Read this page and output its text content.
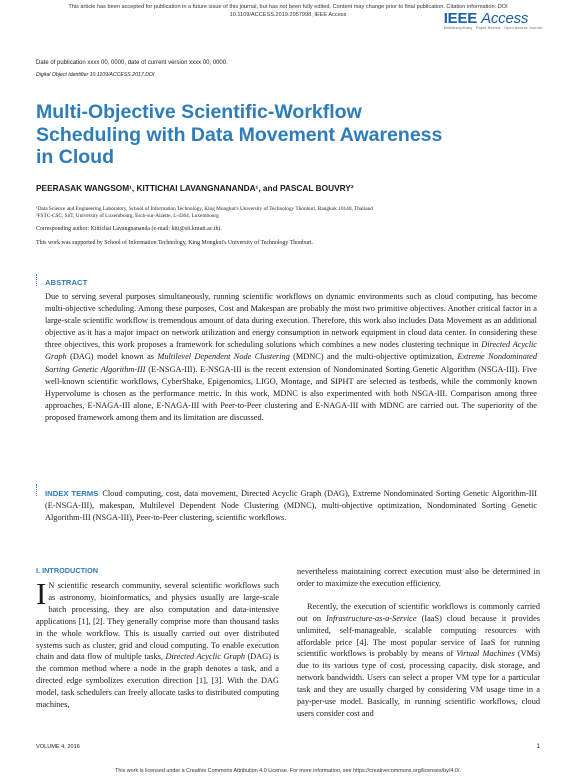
This article has been accepted for publication in a future issue of this journal, but has not been fully edited. Content may change prior to final publication. Citation information: DOI
10.1109/ACCESS.2019.2957998, IEEE Access	IEEE Access
Multidisciplinary : Rapid Review : Open Access Journal
Date of publication xxxx 00, 0000, date of current version xxxx 00, 0000.
Digital Object Identifier 10.1109/ACCESS.2017.DOI
Multi-Objective Scientific-Workflow Scheduling with Data Movement Awareness in Cloud
PEERASAK WANGSOM¹, KITTICHAI LAVANGNANANDA¹, and PASCAL BOUVRY²
¹Data Science and Engineering Laboratory, School of Information Technology, King Mongkut's University of Technology Thonburi, Bangkok 10140, Thailand
²FSTC-CSC, SnT, University of Luxembourg, Esch-sur-Alzette, L-4364, Luxembourg
Corresponding author: Kittichai Lavangnananda (e-mail: kitt@sit.kmutt.ac.th).
This work was supported by School of Information Technology, King Mongkut's University of Technology Thonburi.
ABSTRACT
Due to serving several purposes simultaneously, running scientific workflows on dynamic environments such as cloud computing, has become multi-objective scheduling. Among these purposes, Cost and Makespan are probably the most two primitive objectives. Another critical factor in a large-scale scientific workflow is tremendous amount of data during execution. Therefore, this work also includes Data Movement as an additional objective as it has a major impact on network utilization and energy consumption in network equipment in cloud data center. In considering these three objectives, this work proposes a framework for scheduling solutions which combines a new nodes clustering technique in Directed Acyclic Graph (DAG) model known as Multilevel Dependent Node Clustering (MDNC) and the multi-objective optimization, Extreme Nondominated Sorting Genetic Algorithm-III (E-NSGA-III). E-NSGA-III is the recent extension of Nondominated Sorting Genetic Algorithm (NSGA-III). Five well-known scientific workflows, CyberShake, Epigenomics, LIGO, Montage, and SIPHT are selected as testbeds, while the commonly known Hypervolume is chosen as the performance metric. In this work, MDNC is also experimented with both NSGA-III. Comparison among three approaches, E-NAGA-III alone, E-NAGA-III with Peer-to-Peer clustering and E-NAGA-III with MDNC are carried out. The superiority of the proposed framework among them and its limitation are discussed.
INDEX TERMS Cloud computing, cost, data movement, Directed Acyclic Graph (DAG), Extreme Nondominated Sorting Genetic Algorithm-III (E-NSGA-III), makespan, Multilevel Dependent Node Clustering (MDNC), multi-objective optimization, Nondominated Sorting Genetic Algorithm-III (NSGA-III), Peer-to-Peer clustering, scientific workflows.
I. INTRODUCTION
I N scientific research community, several scientific workflows such as astronomy, bioinformatics, and physics usually are large-scale batch processing, they are also computation and data-intensive applications [1], [2]. They generally comprise more than thousand tasks in the whole workflow. This is usually carried out over distributed systems such as cluster, grid and cloud computing. To enable execution chain and data flow of multiple tasks, Directed Acyclic Graph (DAG) is the common method where a node in the graph denotes a task, and a directed edge symbolizes execution direction [1], [3]. With the DAG model, task schedulers can freely allocate tasks to distributed computing machines,

nevertheless maintaining correct execution must also be determined in order to maximize the execution efficiency.

Recently, the execution of scientific workflows is commonly carried out on Infrastructure-as-a-Service (IaaS) cloud because it provides unlimited, self-manageable, scalable computing resources with affordable price [4]. The most popular service of IaaS for running scientific workflows is probably by means of Virtual Machines (VMs) due to its various type of cost, processing capacity, disk storage, and network bandwidth. Users can select a proper VM type for a particular task and they are usually charged by considering VM usage time in a pay-per-use model. Basically, in running scientific workflows, cloud users consider cost and

VOLUME 4, 2016	1
This work is licensed under a Creative Commons Attribution 4.0 License. For more information, see https://creativecommons.org/licenses/by/4.0/.
